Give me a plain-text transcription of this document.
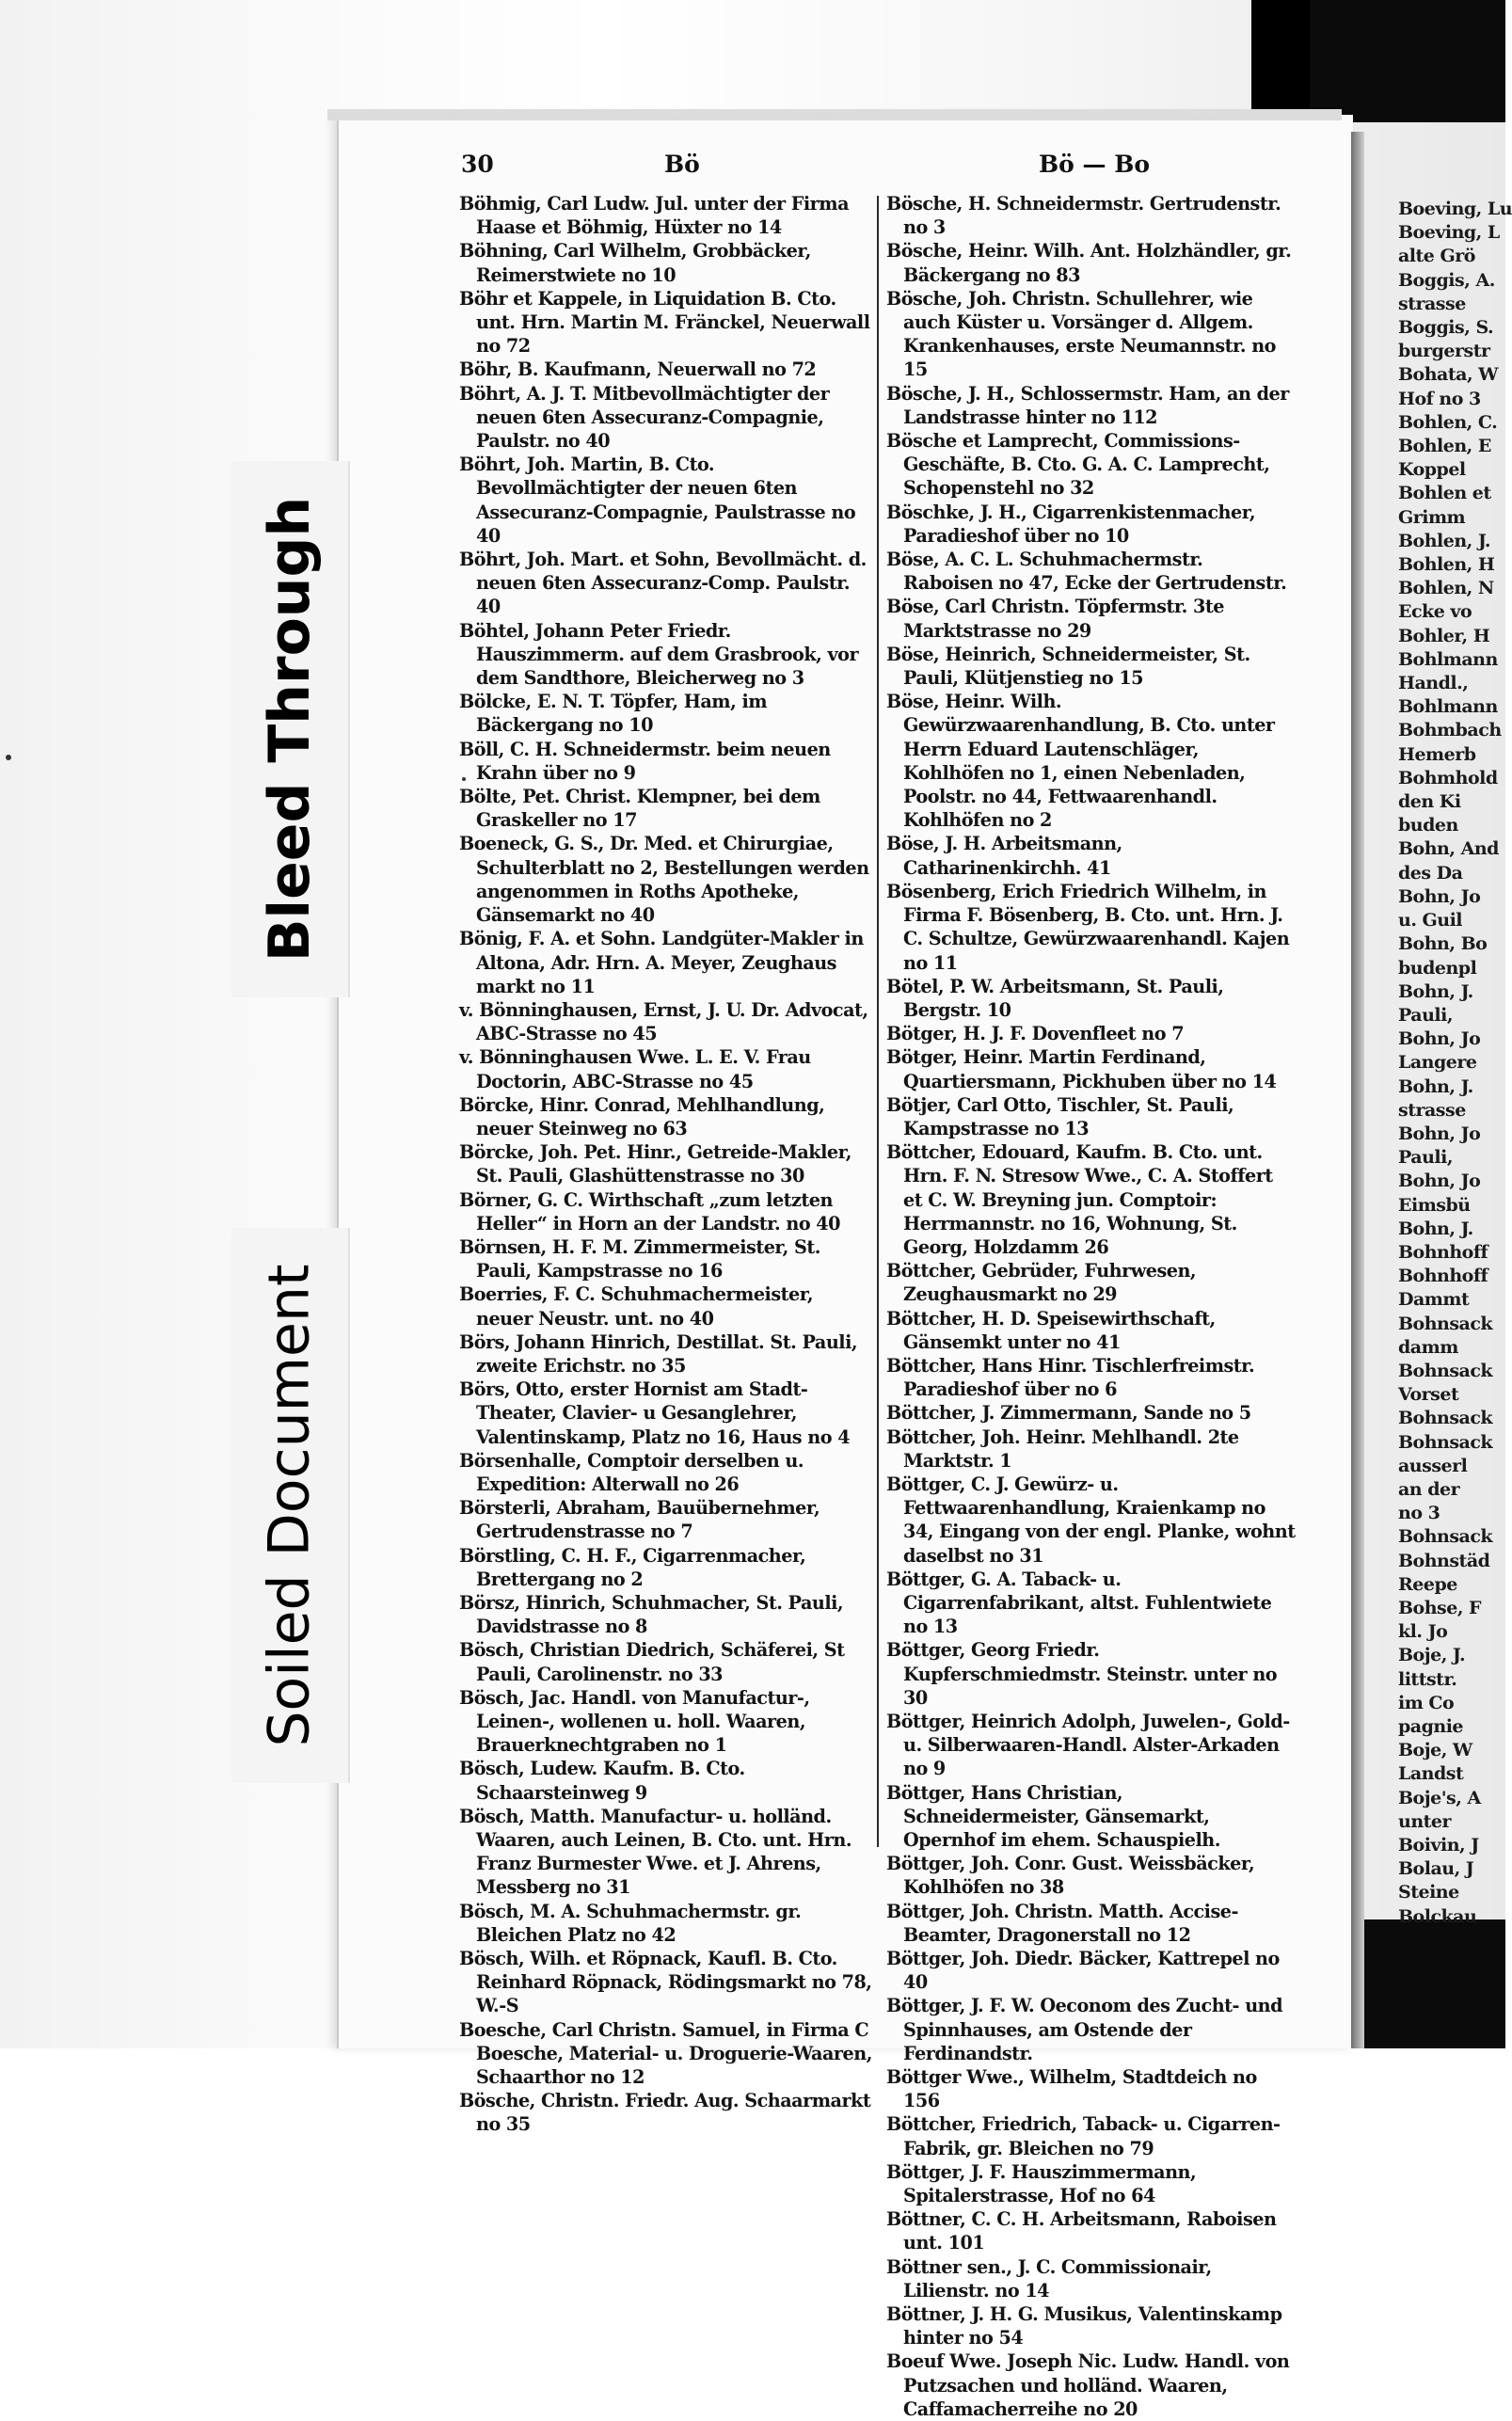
Bleed Through
Soiled Document
30	Bö	Bö — Bo

Böhmig, Carl Ludw. Jul. unter der Firma Haase et Böhmig, Hüxter no 14

Böhning, Carl Wilhelm, Grobbäcker, Reimerstwiete no 10

Böhr et Kappele, in Liquidation B. Cto. unt. Hrn. Martin M. Fränckel, Neuerwall no 72

Böhr, B. Kaufmann, Neuerwall no 72

Böhrt, A. J. T. Mitbevollmächtigter der neuen 6ten Assecuranz-Compagnie, Paulstr. no 40

Böhrt, Joh. Martin, B. Cto. Bevollmächtigter der neuen 6ten Assecuranz-Compagnie, Paulstrasse no 40

Böhrt, Joh. Mart. et Sohn, Bevollmächt. d. neuen 6ten Assecuranz-Comp. Paulstr. 40

Böhtel, Johann Peter Friedr. Hauszimmerm. auf dem Grasbrook, vor dem Sandthore, Bleicherweg no 3

Bölcke, E. N. T. Töpfer, Ham, im Bäckergang no 10

Böll, C. H. Schneidermstr. beim neuen Krahn über no 9

Bölte, Pet. Christ. Klempner, bei dem Graskeller no 17

Boeneck, G. S., Dr. Med. et Chirurgiae, Schulterblatt no 2, Bestellungen werden angenommen in Roths Apotheke, Gänsemarkt no 40

Bönig, F. A. et Sohn. Landgüter-Makler in Altona, Adr. Hrn. A. Meyer, Zeughaus markt no 11

v. Bönninghausen, Ernst, J. U. Dr. Advocat, ABC-Strasse no 45

v. Bönninghausen Wwe. L. E. V. Frau Doctorin, ABC-Strasse no 45

Börcke, Hinr. Conrad, Mehlhandlung, neuer Steinweg no 63

Börcke, Joh. Pet. Hinr., Getreide-Makler, St. Pauli, Glashüttenstrasse no 30

Börner, G. C. Wirthschaft „zum letzten Heller“ in Horn an der Landstr. no 40

Börnsen, H. F. M. Zimmermeister, St. Pauli, Kampstrasse no 16

Boerries, F. C. Schuhmachermeister, neuer Neustr. unt. no 40

Börs, Johann Hinrich, Destillat. St. Pauli, zweite Erichstr. no 35

Börs, Otto, erster Hornist am Stadt-Theater, Clavier- u Gesanglehrer, Valentinskamp, Platz no 16, Haus no 4

Börsenhalle, Comptoir derselben u. Expedition: Alterwall no 26

Börsterli, Abraham, Bauübernehmer, Gertrudenstrasse no 7

Börstling, C. H. F., Cigarrenmacher, Brettergang no 2

Börsz, Hinrich, Schuhmacher, St. Pauli, Davidstrasse no 8

Bösch, Christian Diedrich, Schäferei, St Pauli, Carolinenstr. no 33

Bösch, Jac. Handl. von Manufactur-, Leinen-, wollenen u. holl. Waaren, Brauerknechtgraben no 1

Bösch, Ludew. Kaufm. B. Cto. Schaarsteinweg 9

Bösch, Matth. Manufactur- u. holländ. Waaren, auch Leinen, B. Cto. unt. Hrn. Franz Burmester Wwe. et J. Ahrens, Messberg no 31

Bösch, M. A. Schuhmachermstr. gr. Bleichen Platz no 42

Bösch, Wilh. et Röpnack, Kaufl. B. Cto. Reinhard Röpnack, Rödingsmarkt no 78, W.-S

Boesche, Carl Christn. Samuel, in Firma C Boesche, Material- u. Droguerie-Waaren, Schaarthor no 12

Bösche, Christn. Friedr. Aug. Schaarmarkt no 35

Bösche, H. Schneidermstr. Gertrudenstr. no 3

Bösche, Heinr. Wilh. Ant. Holzhändler, gr. Bäckergang no 83

Bösche, Joh. Christn. Schullehrer, wie auch Küster u. Vorsänger d. Allgem. Krankenhauses, erste Neumannstr. no 15

Bösche, J. H., Schlossermstr. Ham, an der Landstrasse hinter no 112

Bösche et Lamprecht, Commissions-Geschäfte, B. Cto. G. A. C. Lamprecht, Schopenstehl no 32

Böschke, J. H., Cigarrenkistenmacher, Paradieshof über no 10

Böse, A. C. L. Schuhmachermstr. Raboisen no 47, Ecke der Gertrudenstr.

Böse, Carl Christn. Töpfermstr. 3te Marktstrasse no 29

Böse, Heinrich, Schneidermeister, St. Pauli, Klütjenstieg no 15

Böse, Heinr. Wilh. Gewürzwaarenhandlung, B. Cto. unter Herrn Eduard Lautenschläger, Kohlhöfen no 1, einen Nebenladen, Poolstr. no 44, Fettwaarenhandl. Kohlhöfen no 2

Böse, J. H. Arbeitsmann, Catharinenkirchh. 41

Bösenberg, Erich Friedrich Wilhelm, in Firma F. Bösenberg, B. Cto. unt. Hrn. J. C. Schultze, Gewürzwaarenhandl. Kajen no 11

Bötel, P. W. Arbeitsmann, St. Pauli, Bergstr. 10

Bötger, H. J. F. Dovenfleet no 7

Bötger, Heinr. Martin Ferdinand, Quartiersmann, Pickhuben über no 14

Bötjer, Carl Otto, Tischler, St. Pauli, Kampstrasse no 13

Böttcher, Edouard, Kaufm. B. Cto. unt. Hrn. F. N. Stresow Wwe., C. A. Stoffert et C. W. Breyning jun. Comptoir: Herrmannstr. no 16, Wohnung, St. Georg, Holzdamm 26

Böttcher, Gebrüder, Fuhrwesen, Zeughausmarkt no 29

Böttcher, H. D. Speisewirthschaft, Gänsemkt unter no 41

Böttcher, Hans Hinr. Tischlerfreimstr. Paradieshof über no 6

Böttcher, J. Zimmermann, Sande no 5

Böttcher, Joh. Heinr. Mehlhandl. 2te Marktstr. 1

Böttger, C. J. Gewürz- u. Fettwaarenhandlung, Kraienkamp no 34, Eingang von der engl. Planke, wohnt daselbst no 31

Böttger, G. A. Taback- u. Cigarrenfabrikant, altst. Fuhlentwiete no 13

Böttger, Georg Friedr. Kupferschmiedmstr. Steinstr. unter no 30

Böttger, Heinrich Adolph, Juwelen-, Gold- u. Silberwaaren-Handl. Alster-Arkaden no 9

Böttger, Hans Christian, Schneidermeister, Gänsemarkt, Opernhof im ehem. Schauspielh.

Böttger, Joh. Conr. Gust. Weissbäcker, Kohlhöfen no 38

Böttger, Joh. Christn. Matth. Accise-Beamter, Dragonerstall no 12

Böttger, Joh. Diedr. Bäcker, Kattrepel no 40

Böttger, J. F. W. Oeconom des Zucht- und Spinnhauses, am Ostende der Ferdinandstr.

Böttger Wwe., Wilhelm, Stadtdeich no 156

Böttcher, Friedrich, Taback- u. Cigarren-Fabrik, gr. Bleichen no 79

Böttger, J. F. Hauszimmermann, Spitalerstrasse, Hof no 64

Böttner, C. C. H. Arbeitsmann, Raboisen unt. 101

Böttner sen., J. C. Commissionair, Lilienstr. no 14

Böttner, J. H. G. Musikus, Valentinskamp hinter no 54

Boeuf Wwe. Joseph Nic. Ludw. Handl. von Putzsachen und holländ. Waaren, Caffamacherreihe no 20

Boeving, Lu

Boeving, L

alte Grö

Boggis, A.

strasse

Boggis, S.

burgerstr

Bohata, W

Hof no 3

Bohlen, C.

Bohlen, E

Koppel

Bohlen et

Grimm

Bohlen, J.

Bohlen, H

Bohlen, N

Ecke vo

Bohler, H

Bohlmann

Handl.,

Bohlmann

Bohmbach

Hemerb

Bohmhold

den Ki

buden

Bohn, And

des Da

Bohn, Jo

u. Guil

Bohn, Bo

budenpl

Bohn, J.

Pauli,

Bohn, Jo

Langere

Bohn, J.

strasse

Bohn, Jo

Pauli,

Bohn, Jo

Eimsbü

Bohn, J.

Bohnhoff

Bohnhoff

Dammt

Bohnsack

damm

Bohnsack

Vorset

Bohnsack

Bohnsack

ausserl

an der

no 3

Bohnsack

Bohnstäd

Reepe

Bohse, F

kl. Jo

Boje, J.

littstr.

im Co

pagnie

Boje, W

Landst

Boje's, A

unter

Boivin, J

Bolau, J

Steine

Bolckau
